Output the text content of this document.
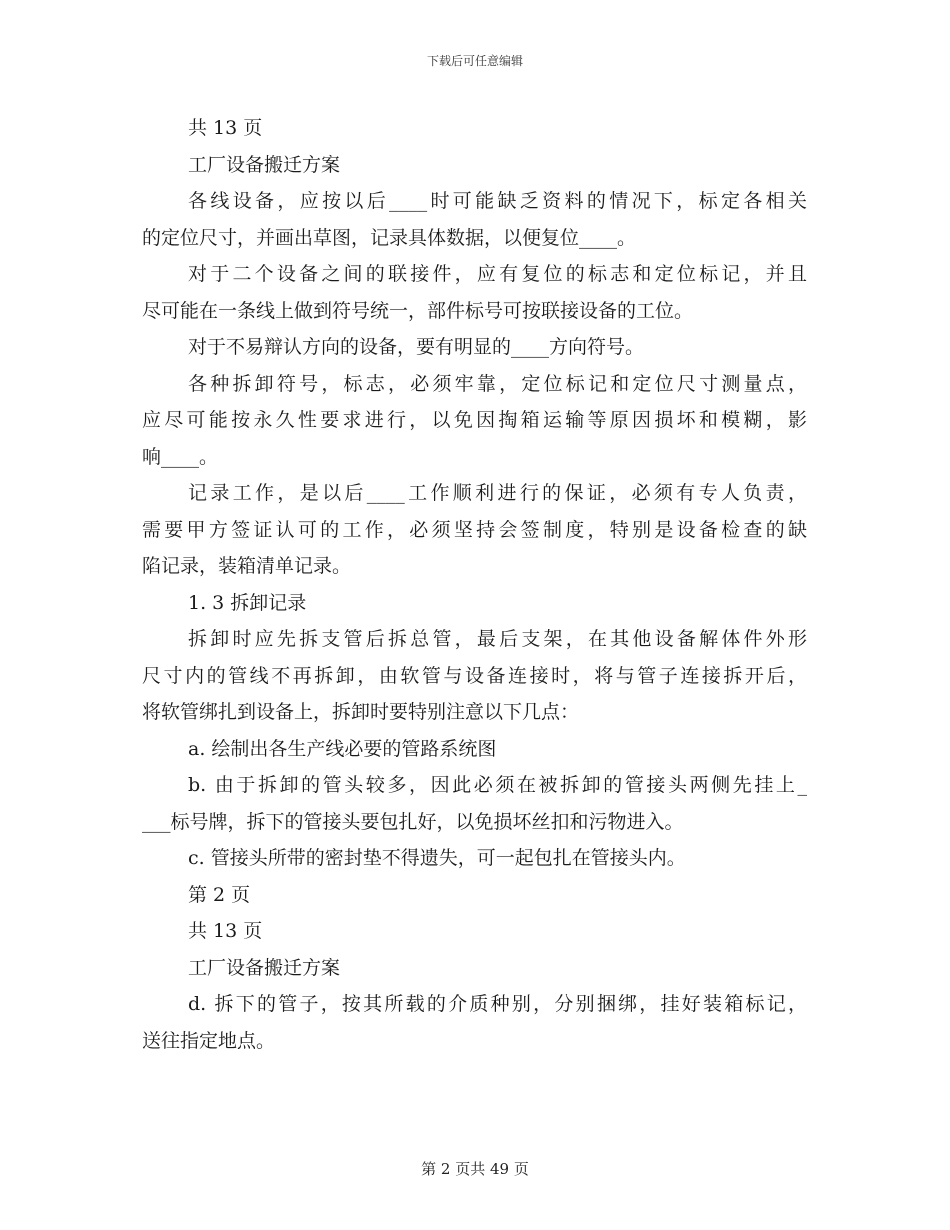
下载后可任意编辑
共 13 页
工厂设备搬迁方案
各线设备，应按以后____时可能缺乏资料的情况下，标定各相关
的定位尺寸，并画出草图，记录具体数据，以便复位____。
对于二个设备之间的联接件，应有复位的标志和定位标记，并且
尽可能在一条线上做到符号统一，部件标号可按联接设备的工位。
对于不易辩认方向的设备，要有明显的____方向符号。
各种拆卸符号，标志，必须牢靠，定位标记和定位尺寸测量点，
应尽可能按永久性要求进行，以免因掏箱运输等原因损坏和模糊，影
响____。
记录工作，是以后____工作顺利进行的保证，必须有专人负责，
需要甲方签证认可的工作，必须坚持会签制度，特别是设备检查的缺
陷记录，装箱清单记录。
1. 3 拆卸记录
拆卸时应先拆支管后拆总管，最后支架，在其他设备解体件外形
尺寸内的管线不再拆卸，由软管与设备连接时，将与管子连接拆开后，
将软管绑扎到设备上，拆卸时要特别注意以下几点：
a. 绘制出各生产线必要的管路系统图
b. 由于拆卸的管头较多，因此必须在被拆卸的管接头两侧先挂上_
___标号牌，拆下的管接头要包扎好，以免损坏丝扣和污物进入。
c. 管接头所带的密封垫不得遗失，可一起包扎在管接头内。
第 2 页
共 13 页
工厂设备搬迁方案
d. 拆下的管子，按其所载的介质种别，分别捆绑，挂好装箱标记，
送往指定地点。
第 2 页共 49 页
